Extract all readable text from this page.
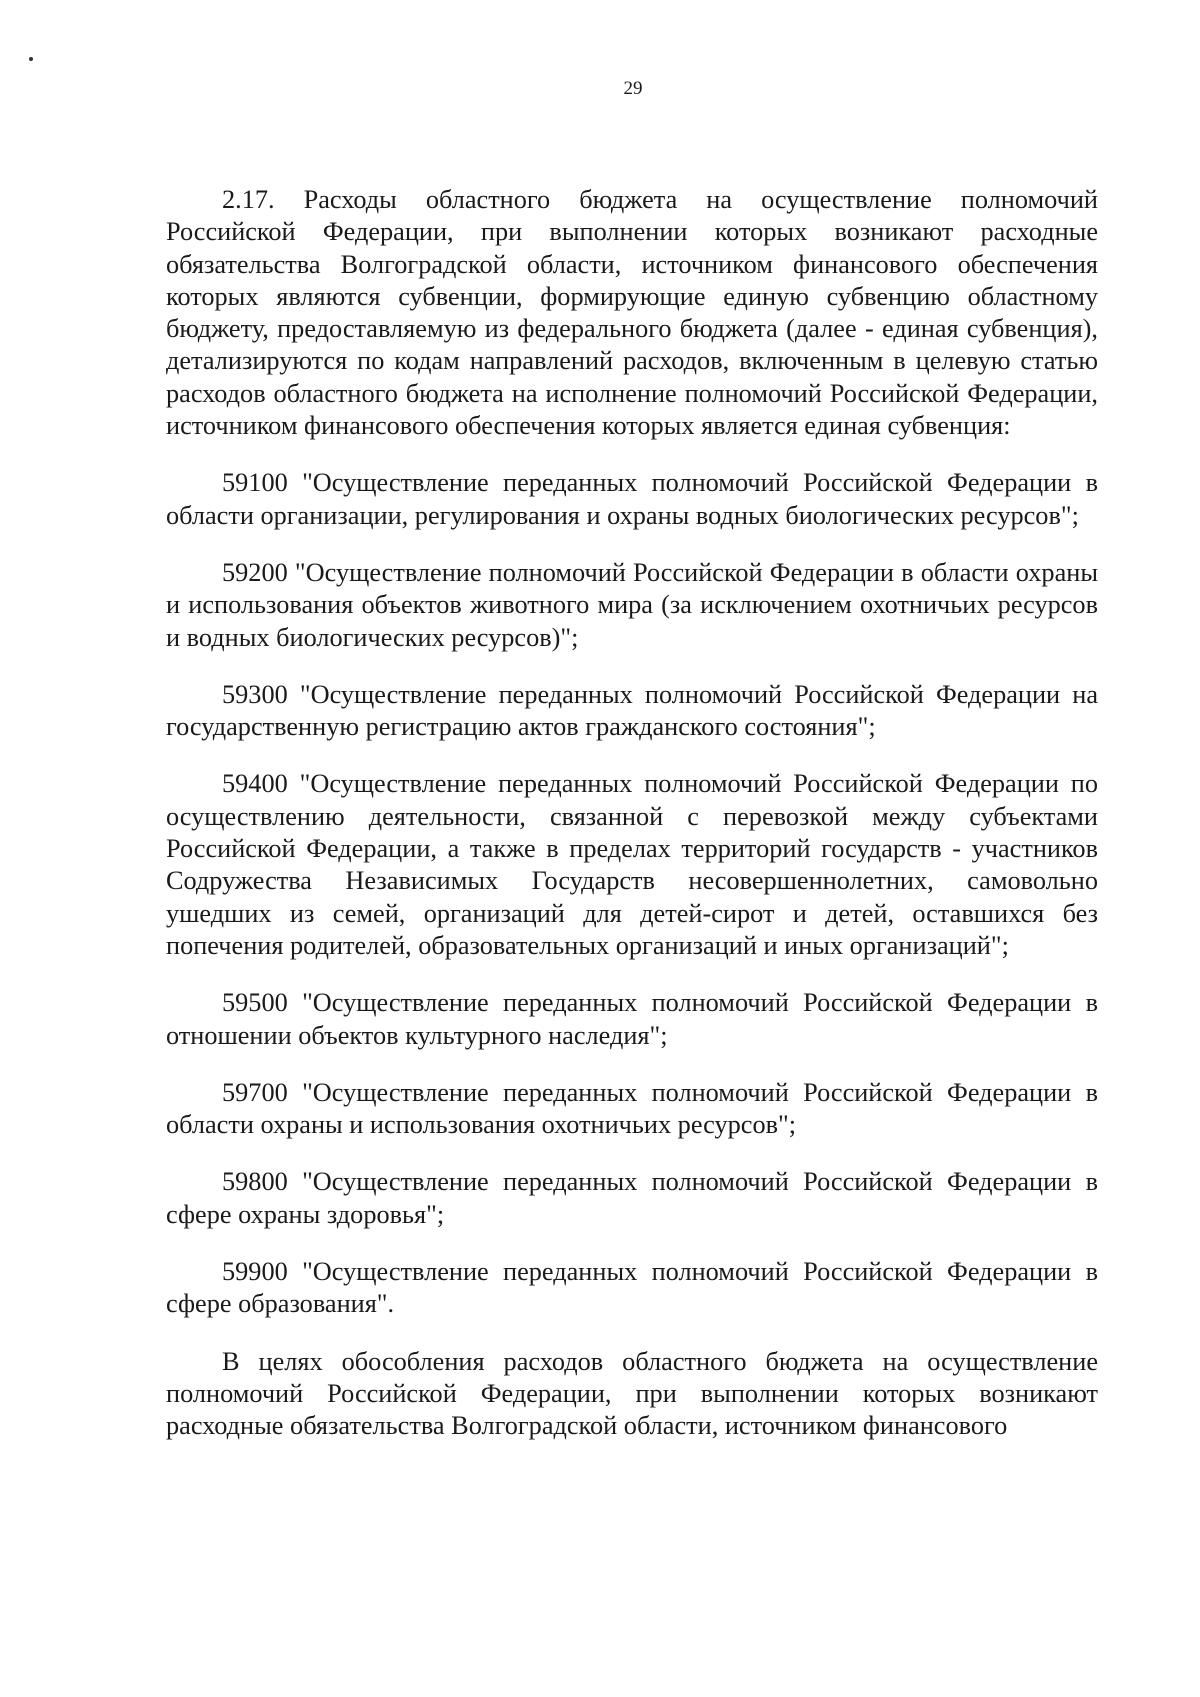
29

2.17. Расходы областного бюджета на осуществление полномочий Российской Федерации, при выполнении которых возникают расходные обязательства Волгоградской области, источником финансового обеспечения которых являются субвенции, формирующие единую субвенцию областному бюджету, предоставляемую из федерального бюджета (далее - единая субвенция), детализируются по кодам направлений расходов, включенным в целевую статью расходов областного бюджета на исполнение полномочий Российской Федерации, источником финансового обеспечения которых является единая субвенция:

59100 "Осуществление переданных полномочий Российской Федерации в области организации, регулирования и охраны водных биологических ресурсов";

59200 "Осуществление полномочий Российской Федерации в области охраны и использования объектов животного мира (за исключением охотничьих ресурсов и водных биологических ресурсов)";

59300 "Осуществление переданных полномочий Российской Федерации на государственную регистрацию актов гражданского состояния";

59400 "Осуществление переданных полномочий Российской Федерации по осуществлению деятельности, связанной с перевозкой между субъектами Российской Федерации, а также в пределах территорий государств - участников Содружества Независимых Государств несовершеннолетних, самовольно ушедших из семей, организаций для детей-сирот и детей, оставшихся без попечения родителей, образовательных организаций и иных организаций";

59500 "Осуществление переданных полномочий Российской Федерации в отношении объектов культурного наследия";

59700 "Осуществление переданных полномочий Российской Федерации в области охраны и использования охотничьих ресурсов";

59800 "Осуществление переданных полномочий Российской Федерации в сфере охраны здоровья";

59900 "Осуществление переданных полномочий Российской Федерации в сфере образования".

В целях обособления расходов областного бюджета на осуществление полномочий Российской Федерации, при выполнении которых возникают расходные обязательства Волгоградской области, источником финансового
